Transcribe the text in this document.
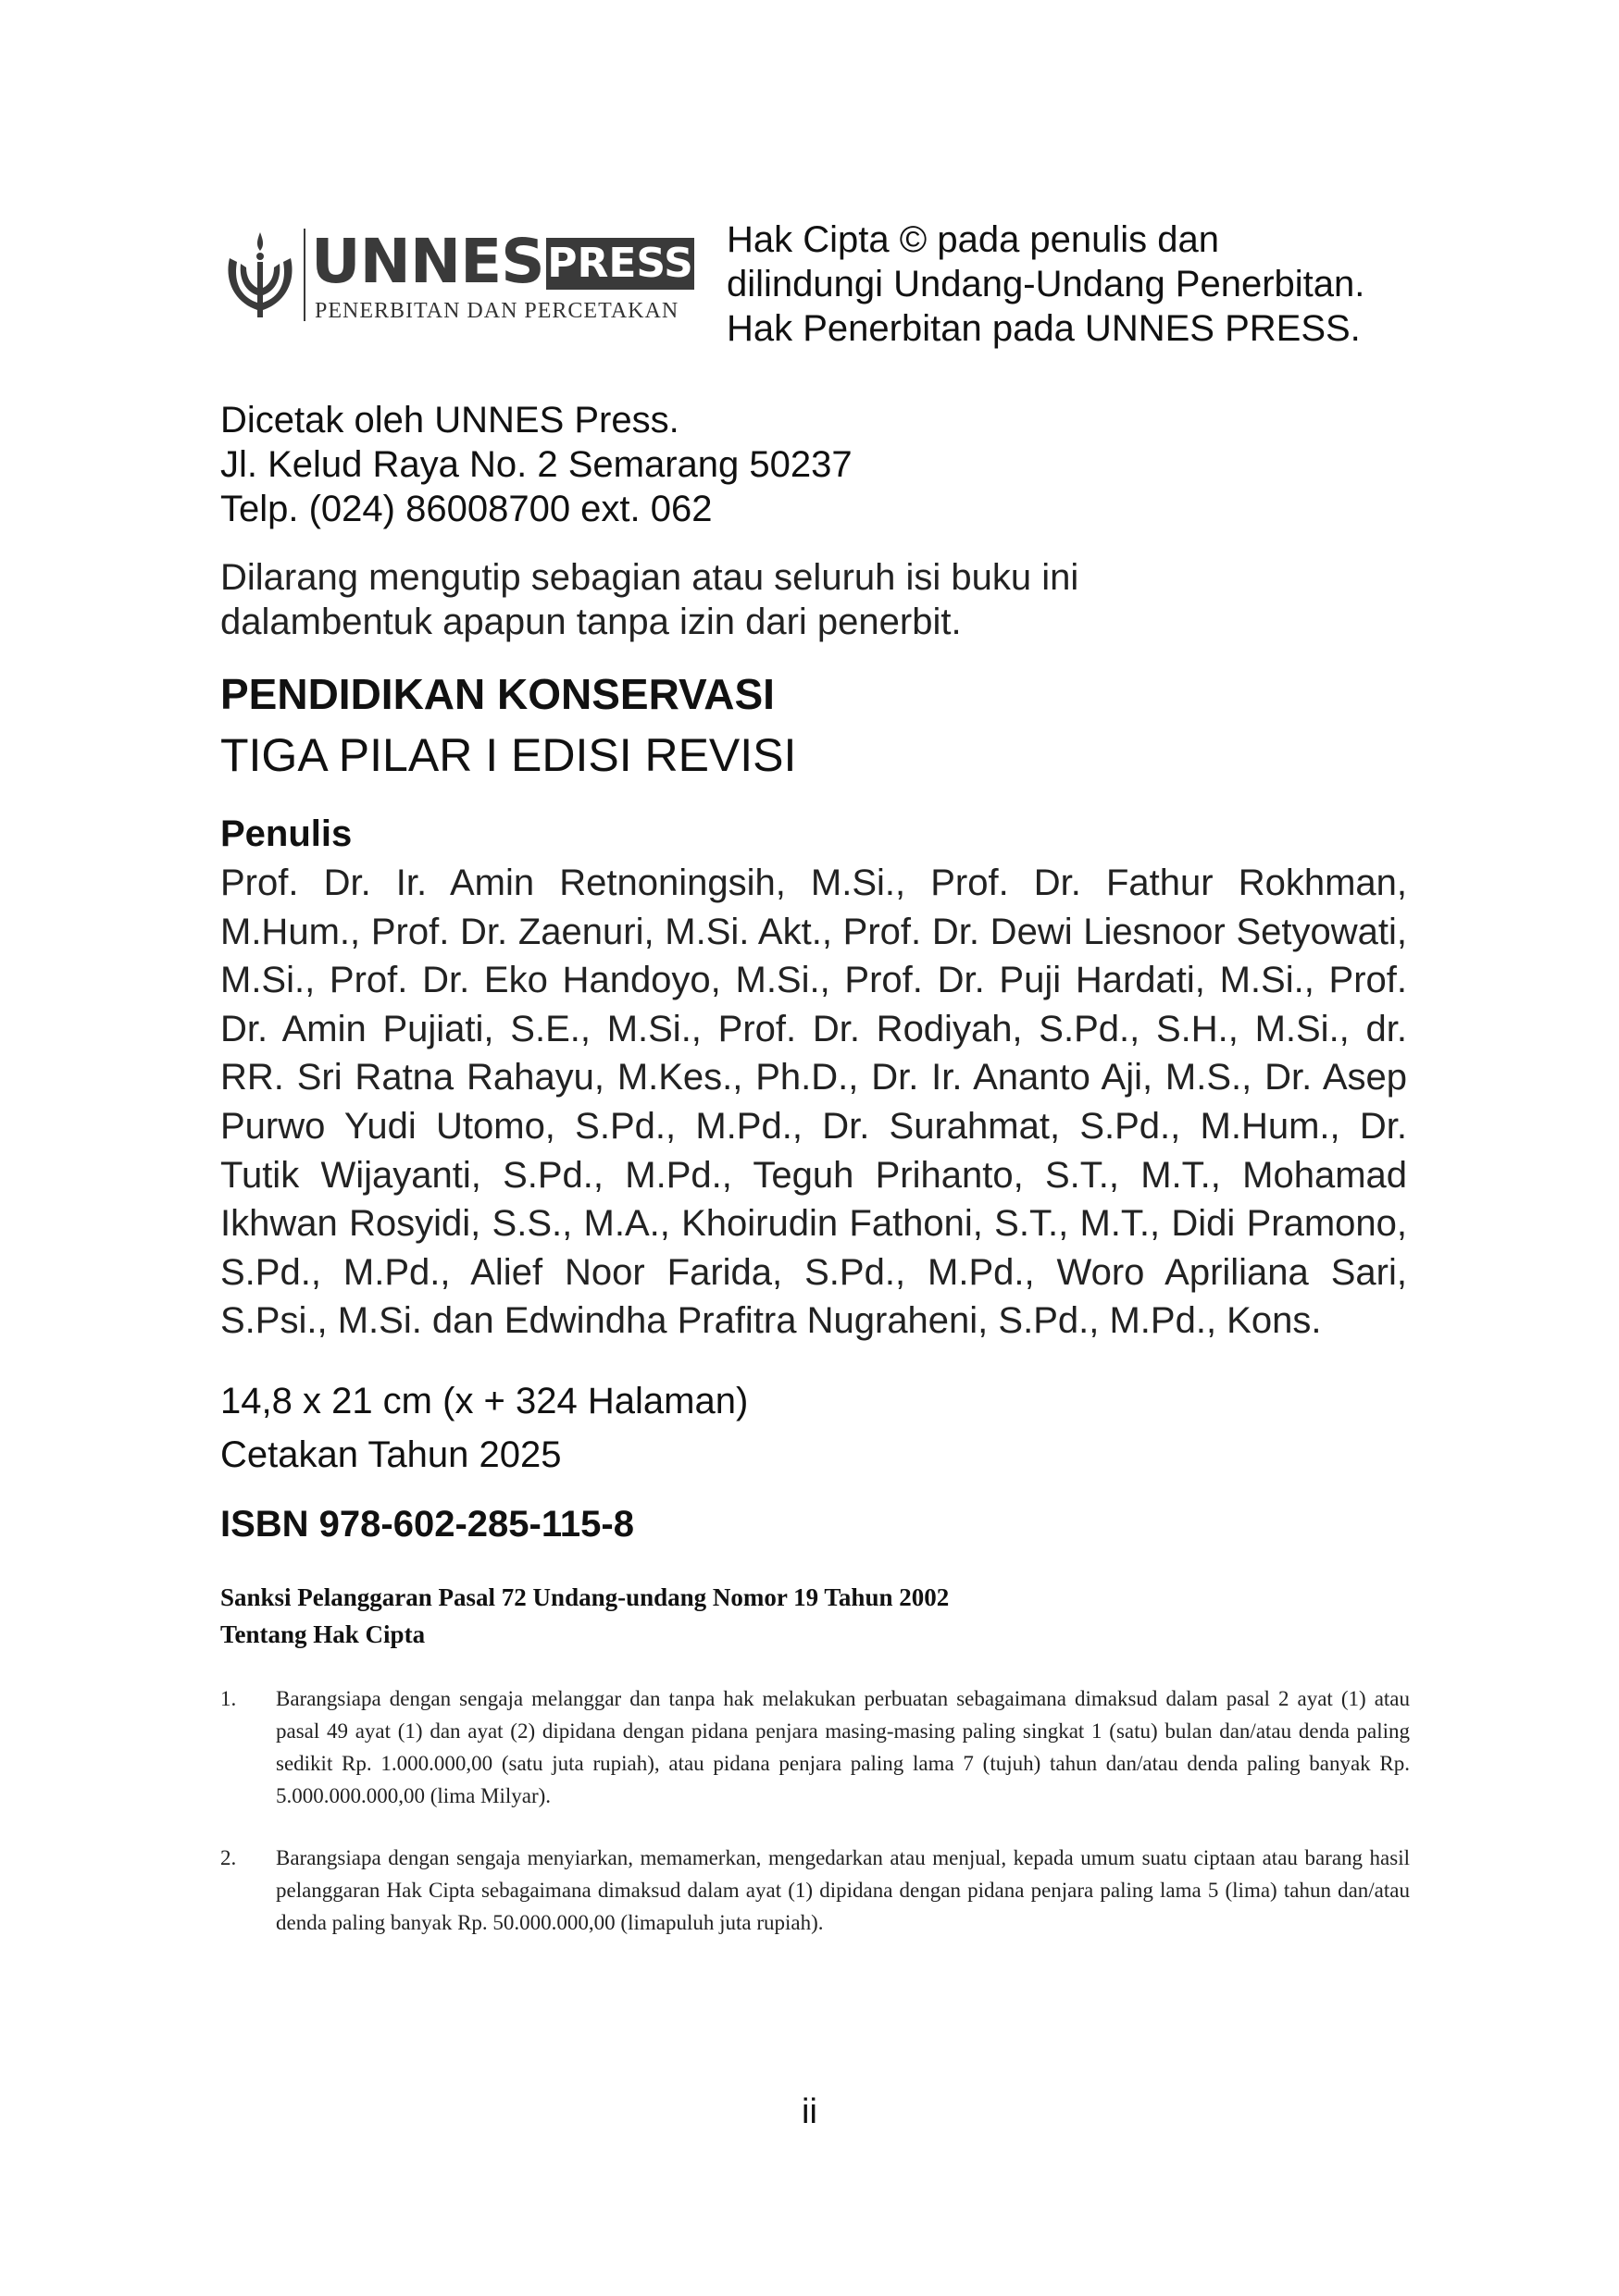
UNNES PRESS
PENERBITAN DAN PERCETAKAN
Hak Cipta © pada penulis dan
dilindungi Undang-Undang Penerbitan.
Hak Penerbitan pada UNNES PRESS.
Dicetak oleh UNNES Press.
Jl. Kelud Raya No. 2 Semarang 50237
Telp. (024) 86008700 ext. 062
Dilarang mengutip sebagian atau seluruh isi buku ini
dalambentuk apapun tanpa izin dari penerbit.
PENDIDIKAN KONSERVASI
TIGA PILAR I EDISI REVISI
Penulis
Prof. Dr. Ir. Amin Retnoningsih, M.Si., Prof. Dr. Fathur Rokhman, M.Hum., Prof. Dr. Zaenuri, M.Si. Akt., Prof. Dr. Dewi Liesnoor Setyowati, M.Si., Prof. Dr. Eko Handoyo, M.Si., Prof. Dr. Puji Hardati, M.Si., Prof. Dr. Amin Pujiati, S.E., M.Si., Prof. Dr. Rodiyah, S.Pd., S.H., M.Si., dr. RR. Sri Ratna Rahayu, M.Kes., Ph.D., Dr. Ir. Ananto Aji, M.S., Dr. Asep Purwo Yudi Utomo, S.Pd., M.Pd., Dr. Surahmat, S.Pd., M.Hum., Dr. Tutik Wijayanti, S.Pd., M.Pd., Teguh Prihanto, S.T., M.T., Mohamad Ikhwan Rosyidi, S.S., M.A., Khoirudin Fathoni, S.T., M.T., Didi Pramono, S.Pd., M.Pd., Alief Noor Farida, S.Pd., M.Pd., Woro Apriliana Sari, S.Psi., M.Si. dan Edwindha Prafitra Nugraheni, S.Pd., M.Pd., Kons.
14,8 x 21 cm (x + 324 Halaman)
Cetakan Tahun 2025
ISBN 978-602-285-115-8
Sanksi Pelanggaran Pasal 72 Undang-undang Nomor 19 Tahun 2002
Tentang Hak Cipta
1.	Barangsiapa dengan sengaja melanggar dan tanpa hak melakukan perbuatan sebagaimana dimaksud dalam pasal 2 ayat (1) atau pasal 49 ayat (1) dan ayat (2) dipidana dengan pidana penjara masing-masing paling singkat 1 (satu) bulan dan/atau denda paling sedikit Rp. 1.000.000,00 (satu juta rupiah), atau pidana penjara paling lama 7 (tujuh) tahun dan/atau denda paling banyak Rp. 5.000.000.000,00 (lima Milyar).
2.	Barangsiapa dengan sengaja menyiarkan, memamerkan, mengedarkan atau menjual, kepada umum suatu ciptaan atau barang hasil pelanggaran Hak Cipta sebagaimana dimaksud dalam ayat (1) dipidana dengan pidana penjara paling lama 5 (lima) tahun dan/atau denda paling banyak Rp. 50.000.000,00 (limapuluh juta rupiah).
ii
